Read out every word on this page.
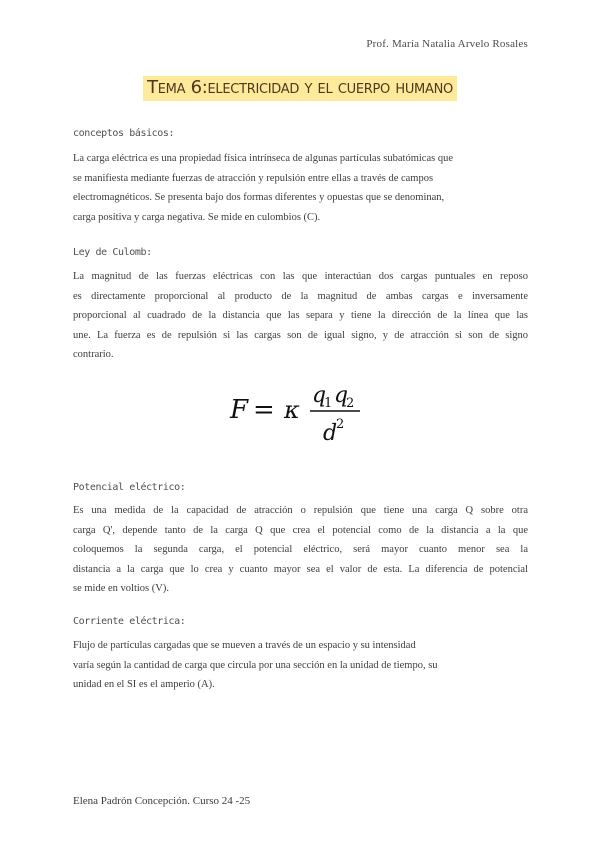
Prof. María Natalia Arvelo Rosales
Tema 6:electricidad y el cuerpo humano
conceptos básicos:
La carga eléctrica es una propiedad física intrínseca de algunas partículas subatómicas que
se manifiesta mediante fuerzas de atracción y repulsión entre ellas a través de campos
electromagnéticos. Se presenta bajo dos formas diferentes y opuestas que se denominan,
carga positiva y carga negativa. Se mide en culombios (C).
Ley de Culomb:
La magnitud de las fuerzas eléctricas con las que interactúan dos cargas puntuales en reposo
es directamente proporcional al producto de la magnitud de ambas cargas e inversamente
proporcional al cuadrado de la distancia que las separa y tiene la dirección de la línea que las
une. La fuerza es de repulsión si las cargas son de igual signo, y de atracción si son de signo
contrario.
F = κ
q
1 q
2
d
2
Potencial eléctrico:
Es una medida de la capacidad de atracción o repulsión que tiene una carga Q sobre otra
carga Q', depende tanto de la carga Q que crea el potencial como de la distancia a la que
coloquemos la segunda carga, el potencial eléctrico, será mayor cuanto menor sea la
distancia a la carga que lo crea y cuanto mayor sea el valor de esta. La diferencia de potencial
se mide en voltios (V).
Corriente eléctrica:
Flujo de partículas cargadas que se mueven a través de un espacio y su intensidad
varía según la cantidad de carga que circula por una sección en la unidad de tiempo, su
unidad en el SI es el amperio (A).
Elena Padrón Concepción. Curso 24 -25
